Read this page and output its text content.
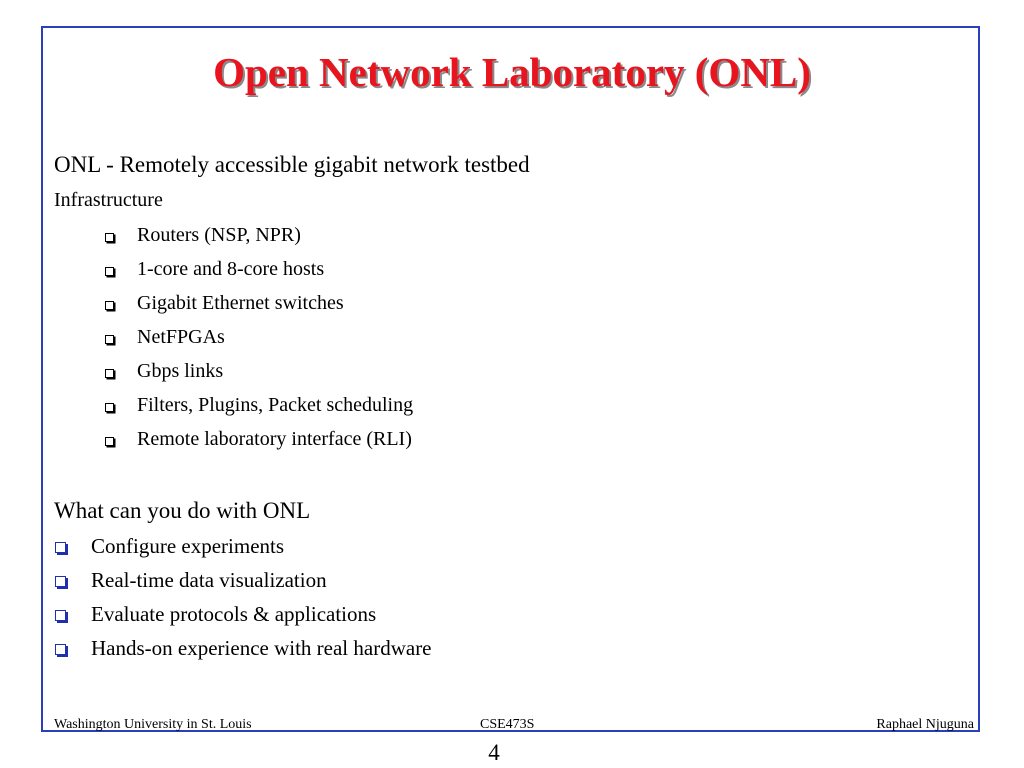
Open Network Laboratory (ONL)
ONL - Remotely accessible gigabit network testbed
Infrastructure
Routers (NSP, NPR)
1-core and 8-core hosts
Gigabit Ethernet switches
NetFPGAs
Gbps links
Filters, Plugins, Packet scheduling
Remote laboratory interface (RLI)
What can you do with ONL
Configure experiments
Real-time data visualization
Evaluate protocols & applications
Hands-on experience with real hardware
Washington University in St. Louis	CSE473S	Raphael Njuguna
4
